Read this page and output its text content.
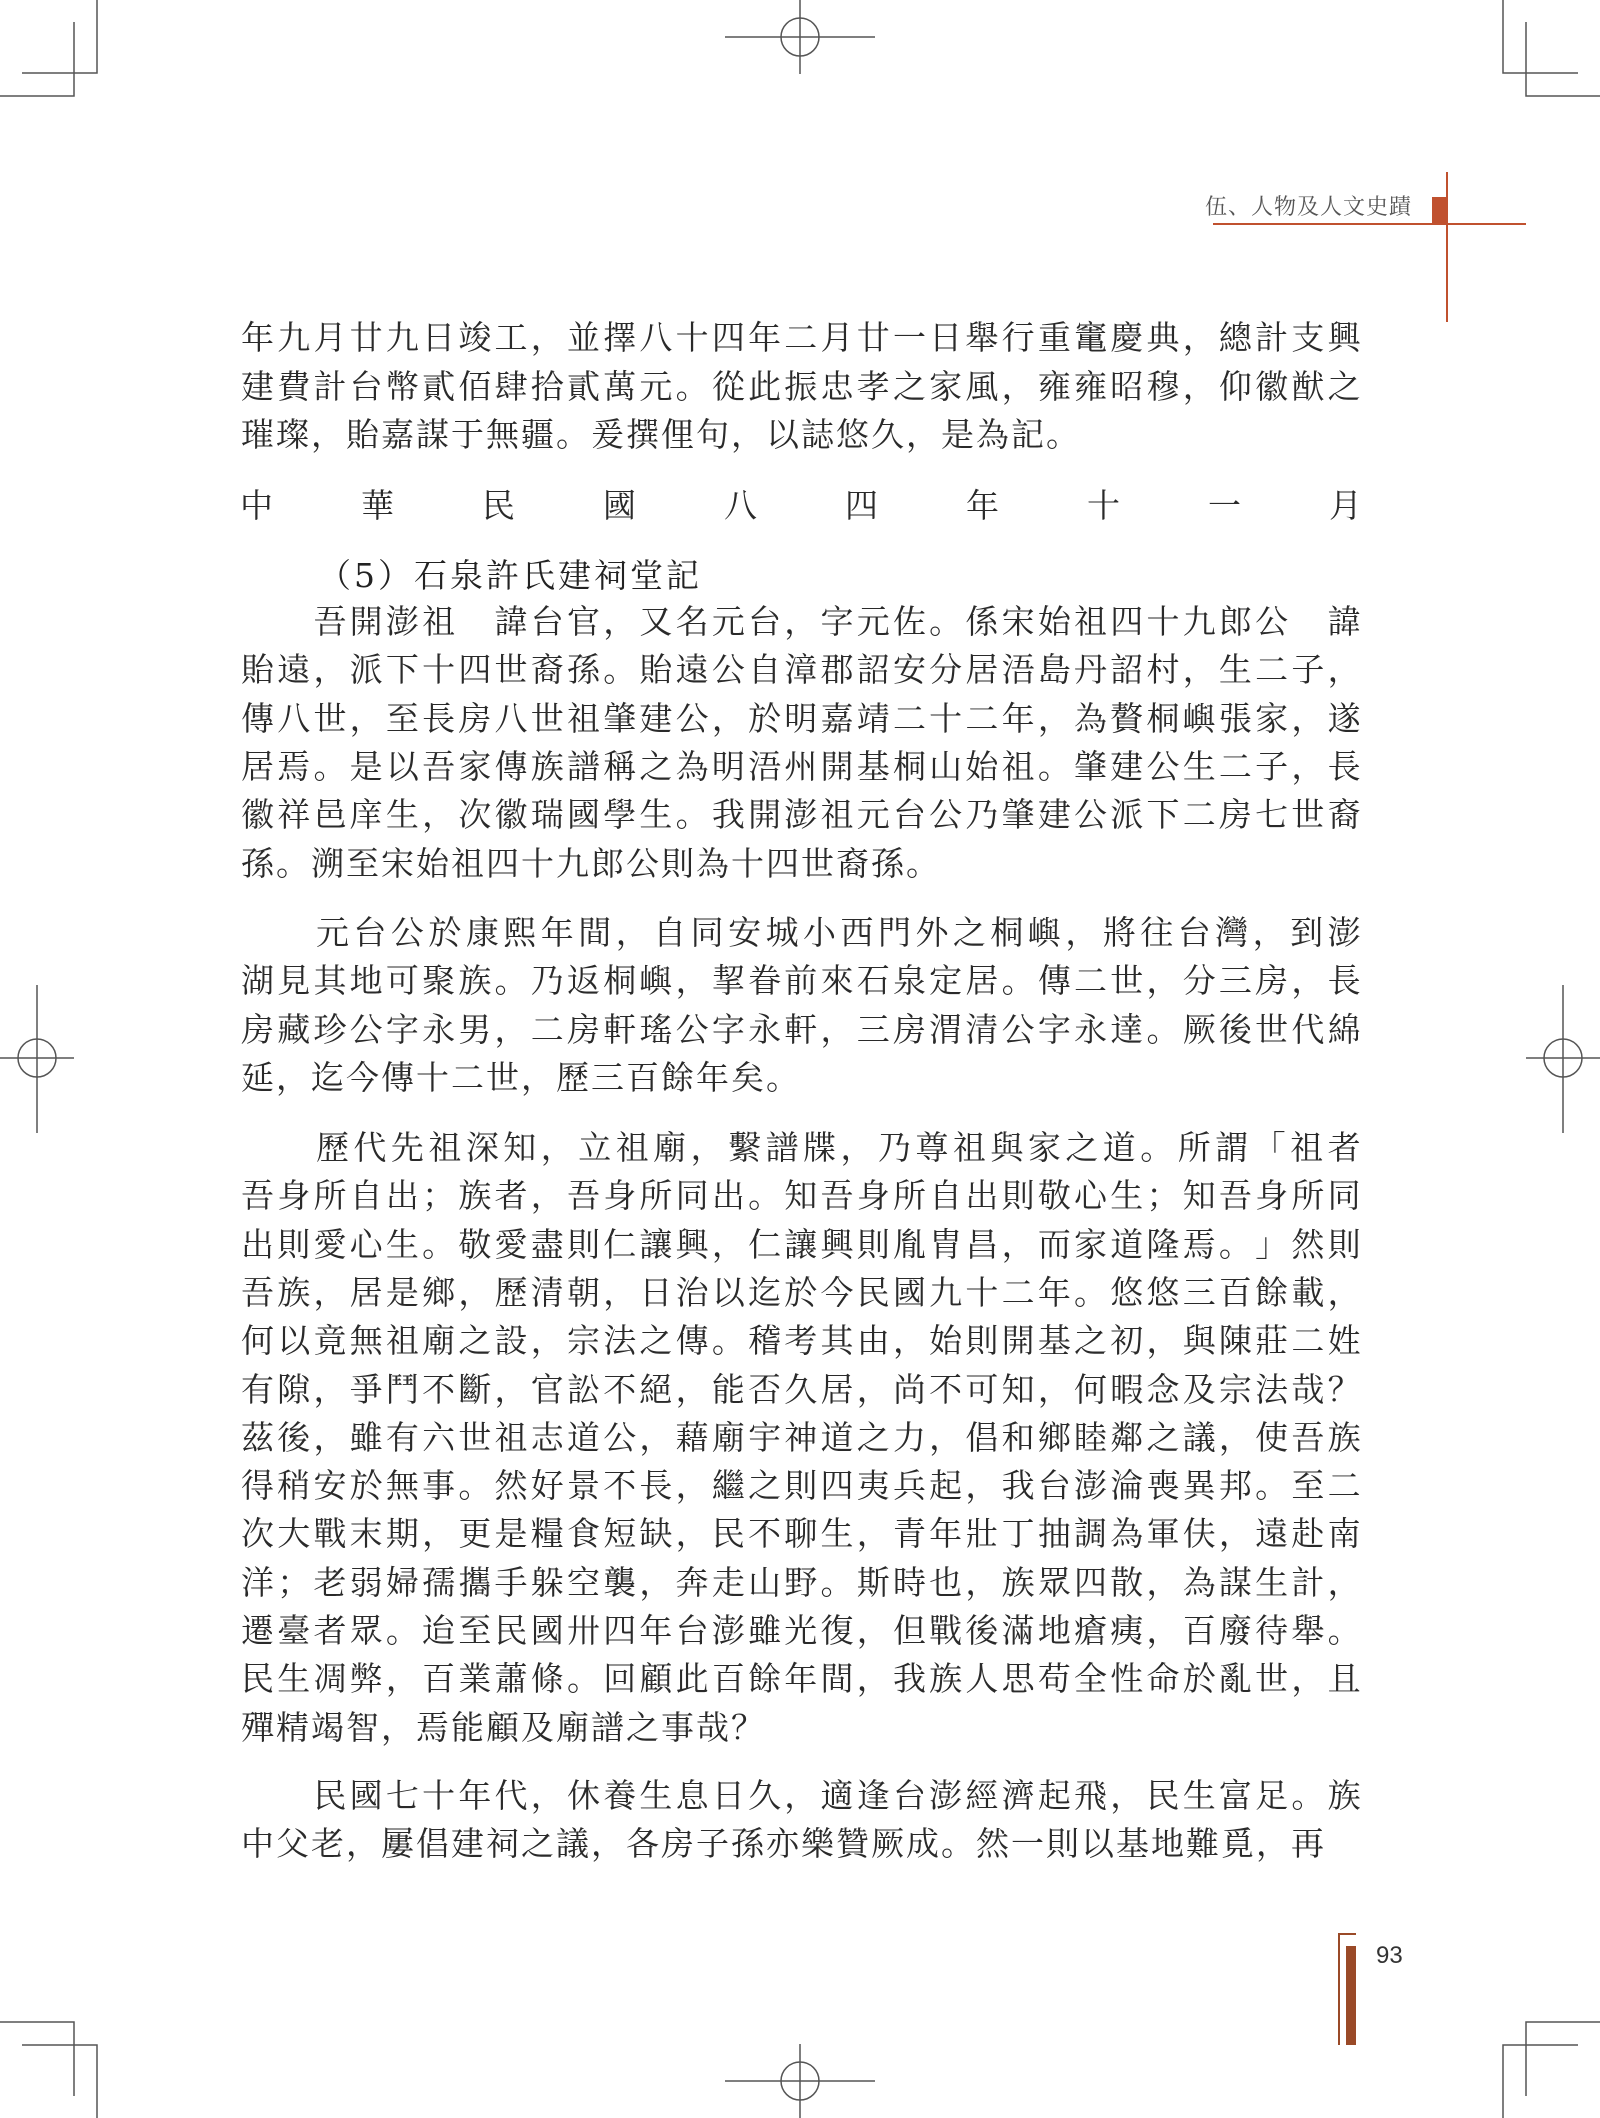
伍、人物及人文史蹟
年 九 月 廿 九 日 竣 工 ， 並 擇 八 十 四 年 二 月 廿 一 日 舉 行 重 竃 慶 典 ， 總 計 支 興
建 費 計 台 幣 貳 佰 肆 拾 貳 萬 元 。 從 此 振 忠 孝 之 家 風 ， 雍 雍 昭 穆 ， 仰 徽 猷 之
璀 璨 ， 貽 嘉 謀 于 無 疆 。 爰 撰 俚 句 ， 以 誌 悠 久 ， 是 為 記 。

吾 開 澎 祖
　 諱 台 官 ， 又 名 元 台 ， 字 元 佐 。 係 宋 始 祖 四 十 九 郎 公
　 諱
貽 遠 ， 派 下 十 四 世 裔 孫 。 貽 遠 公 自 漳 郡 詔 安 分 居 浯 島 丹 詔 村 ， 生 二 子 ，
傳 八 世 ， 至 長 房 八 世 祖 肇 建 公 ， 於 明 嘉 靖 二 十 二 年 ， 為 贅 桐 嶼 張 家 ， 遂
居 焉 。 是 以 吾 家 傳 族 譜 稱 之 為 明 浯 州 開 基 桐 山 始 祖 。 肇 建 公 生 二 子 ， 長
徽 祥 邑 庠 生 ， 次 徽 瑞 國 學 生 。 我 開 澎 祖 元 台 公 乃 肇 建 公 派 下 二 房 七 世 裔
孫 。 溯 至 宋 始 祖 四 十 九 郎 公 則 為 十 四 世 裔 孫 。

元 台 公 於 康 熙 年 間 ， 自 同 安 城 小 西 門 外 之 桐 嶼 ， 將 往 台 灣 ， 到 澎
湖 見 其 地 可 聚 族 。 乃 返 桐 嶼 ， 挈 眷 前 來 石 泉 定 居 。 傳 二 世 ， 分 三 房 ， 長
房 藏 珍 公 字 永 男 ， 二 房 軒 瑤 公 字 永 軒 ， 三 房 渭 清 公 字 永 達 。 厥 後 世 代 綿
延 ， 迄 今 傳 十 二 世 ， 歷 三 百 餘 年 矣 。

歷 代 先 祖 深 知 ， 立 祖 廟 ， 繫 譜 牒 ， 乃 尊 祖 與 家 之 道 。 所 謂 「 祖 者
吾 身 所 自 出 ； 族 者 ， 吾 身 所 同 出 。 知 吾 身 所 自 出 則 敬 心 生 ； 知 吾 身 所 同
出 則 愛 心 生 。 敬 愛 盡 則 仁 讓 興 ， 仁 讓 興 則 胤 胄 昌 ， 而 家 道 隆 焉 。 」 然 則
吾 族 ， 居 是 鄉 ， 歷 清 朝 ， 日 治 以 迄 於 今 民 國 九 十 二 年 。 悠 悠 三 百 餘 載 ，
何 以 竟 無 祖 廟 之 設 ， 宗 法 之 傳 。 稽 考 其 由 ， 始 則 開 基 之 初 ， 與 陳 莊 二 姓
有 隙 ， 爭 鬥 不 斷 ， 官 訟 不 絕 ， 能 否 久 居 ， 尚 不 可 知 ， 何 暇 念 及 宗 法 哉 ？
茲 後 ， 雖 有 六 世 祖 志 道 公 ， 藉 廟 宇 神 道 之 力 ， 倡 和 鄉 睦 鄰 之 議 ， 使 吾 族
得 稍 安 於 無 事 。 然 好 景 不 長 ， 繼 之 則 四 夷 兵 起 ， 我 台 澎 淪 喪 異 邦 。 至 二
次 大 戰 末 期 ， 更 是 糧 食 短 缺 ， 民 不 聊 生 ， 青 年 壯 丁 抽 調 為 軍 伕 ， 遠 赴 南
洋 ； 老 弱 婦 孺 攜 手 躲 空 襲 ， 奔 走 山 野 。 斯 時 也 ， 族 眾 四 散 ， 為 謀 生 計 ，
遷 臺 者 眾 。 迨 至 民 國 卅 四 年 台 澎 雖 光 復 ， 但 戰 後 滿 地 瘡 痍 ， 百 廢 待 舉 。
民 生 凋 弊 ， 百 業 蕭 條 。 回 顧 此 百 餘 年 間 ， 我 族 人 思 苟 全 性 命 於 亂 世 ， 且
殫 精 竭 智 ， 焉 能 顧 及 廟 譜 之 事 哉 ？

民 國 七 十 年 代 ， 休 養 生 息 日 久 ， 適 逢 台 澎 經 濟 起 飛 ， 民 生 富 足 。 族
中 父 老 ， 屢 倡 建 祠 之 議 ， 各 房 子 孫 亦 樂 贊 厥 成 。 然 一 則 以 基 地 難 覓 ， 再
93
中	華	民	國	八	四	年	十	一	月
（5）石泉許氏建祠堂記
